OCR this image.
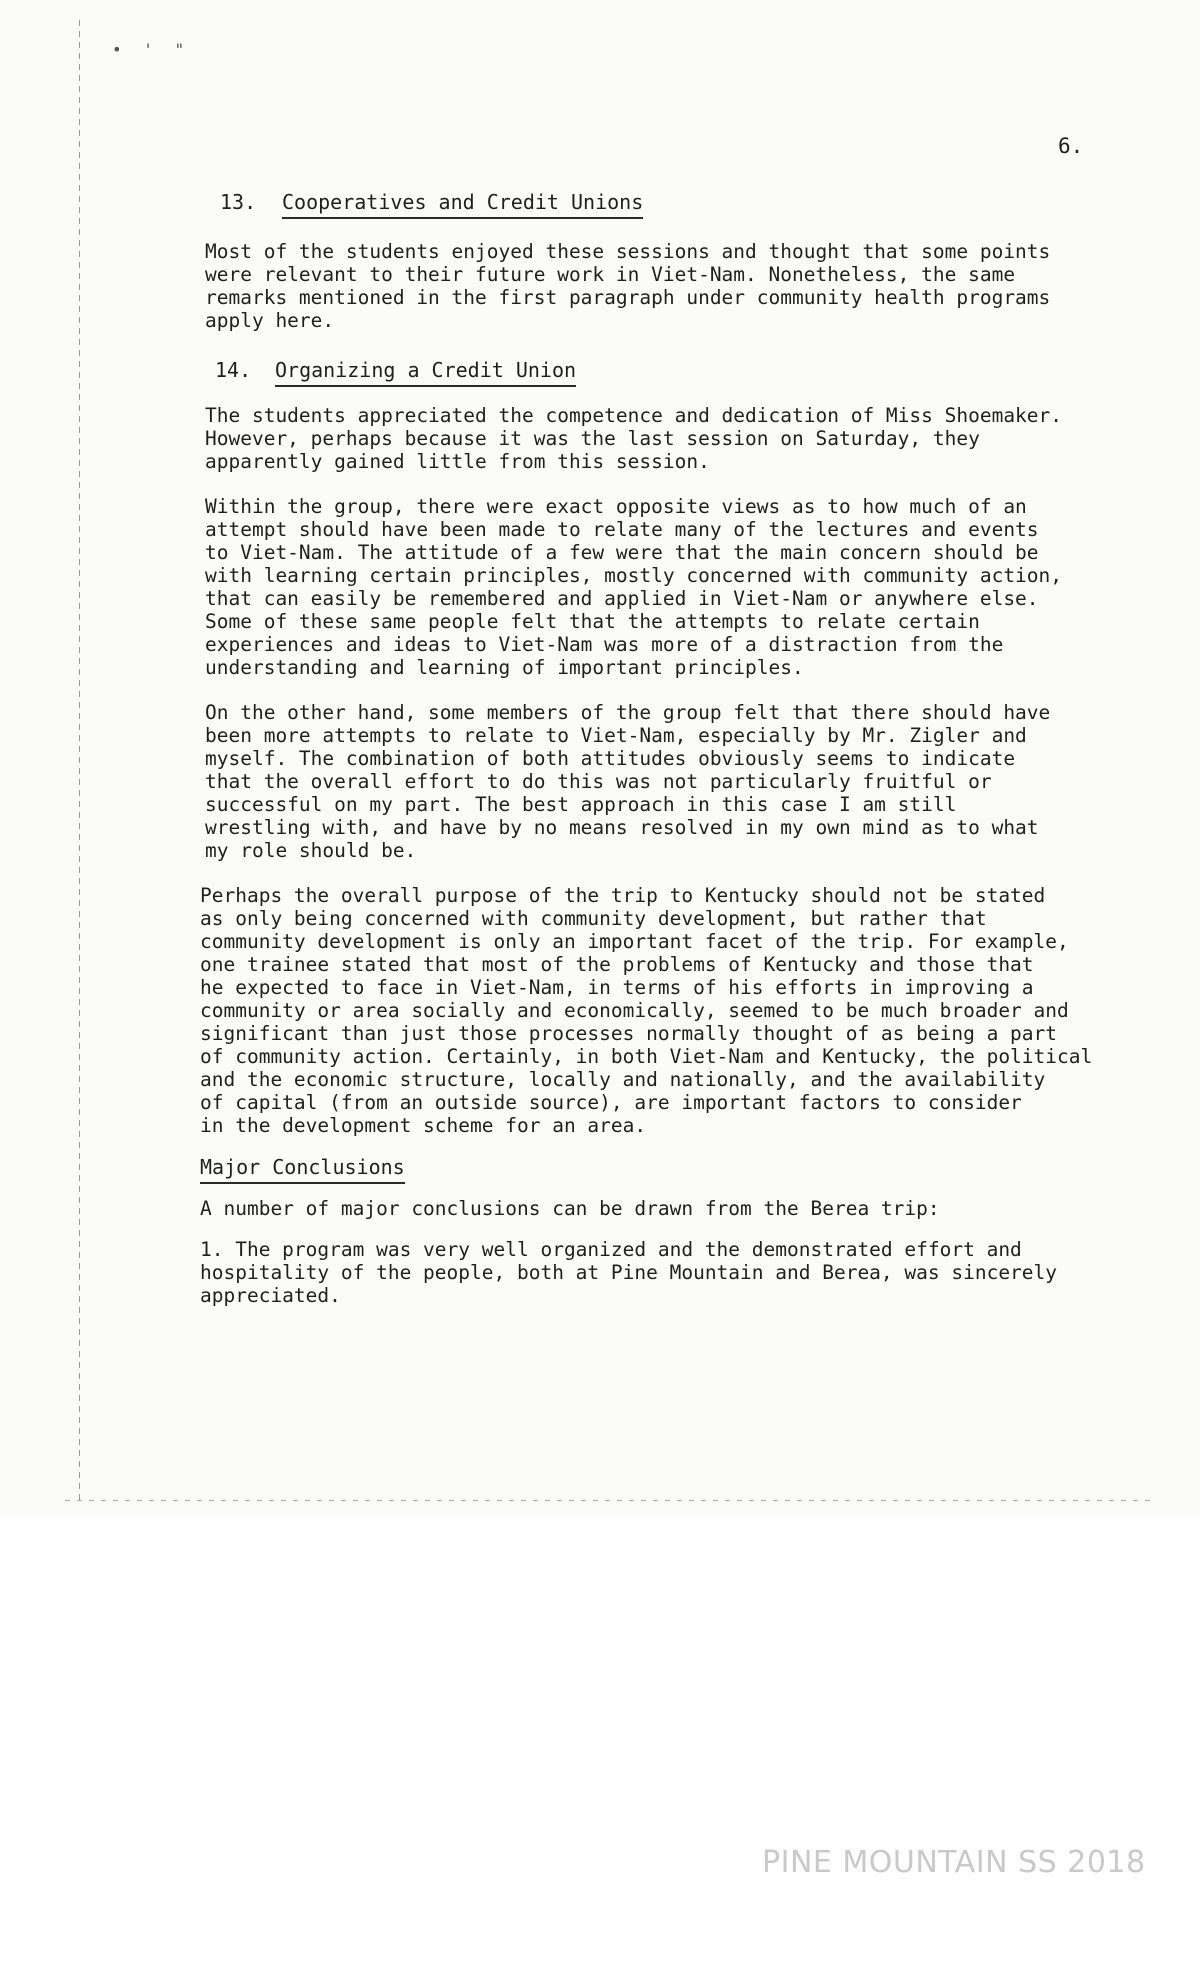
• ' "
6.
13. Cooperatives and Credit Unions

Most of the students enjoyed these sessions and thought that some points
were relevant to their future work in Viet-Nam. Nonetheless, the same
remarks mentioned in the first paragraph under community health programs
apply here.

14. Organizing a Credit Union

The students appreciated the competence and dedication of Miss Shoemaker.
However, perhaps because it was the last session on Saturday, they
apparently gained little from this session.

Within the group, there were exact opposite views as to how much of an
attempt should have been made to relate many of the lectures and events
to Viet-Nam. The attitude of a few were that the main concern should be
with learning certain principles, mostly concerned with community action,
that can easily be remembered and applied in Viet-Nam or anywhere else.
Some of these same people felt that the attempts to relate certain
experiences and ideas to Viet-Nam was more of a distraction from the
understanding and learning of important principles.

On the other hand, some members of the group felt that there should have
been more attempts to relate to Viet-Nam, especially by Mr. Zigler and
myself. The combination of both attitudes obviously seems to indicate
that the overall effort to do this was not particularly fruitful or
successful on my part. The best approach in this case I am still
wrestling with, and have by no means resolved in my own mind as to what
my role should be.

Perhaps the overall purpose of the trip to Kentucky should not be stated
as only being concerned with community development, but rather that
community development is only an important facet of the trip. For example,
one trainee stated that most of the problems of Kentucky and those that
he expected to face in Viet-Nam, in terms of his efforts in improving a
community or area socially and economically, seemed to be much broader and
significant than just those processes normally thought of as being a part
of community action. Certainly, in both Viet-Nam and Kentucky, the political
and the economic structure, locally and nationally, and the availability
of capital (from an outside source), are important factors to consider
in the development scheme for an area.

Major Conclusions

A number of major conclusions can be drawn from the Berea trip:

1. The program was very well organized and the demonstrated effort and
hospitality of the people, both at Pine Mountain and Berea, was sincerely
appreciated.

PINE MOUNTAIN SS 2018
